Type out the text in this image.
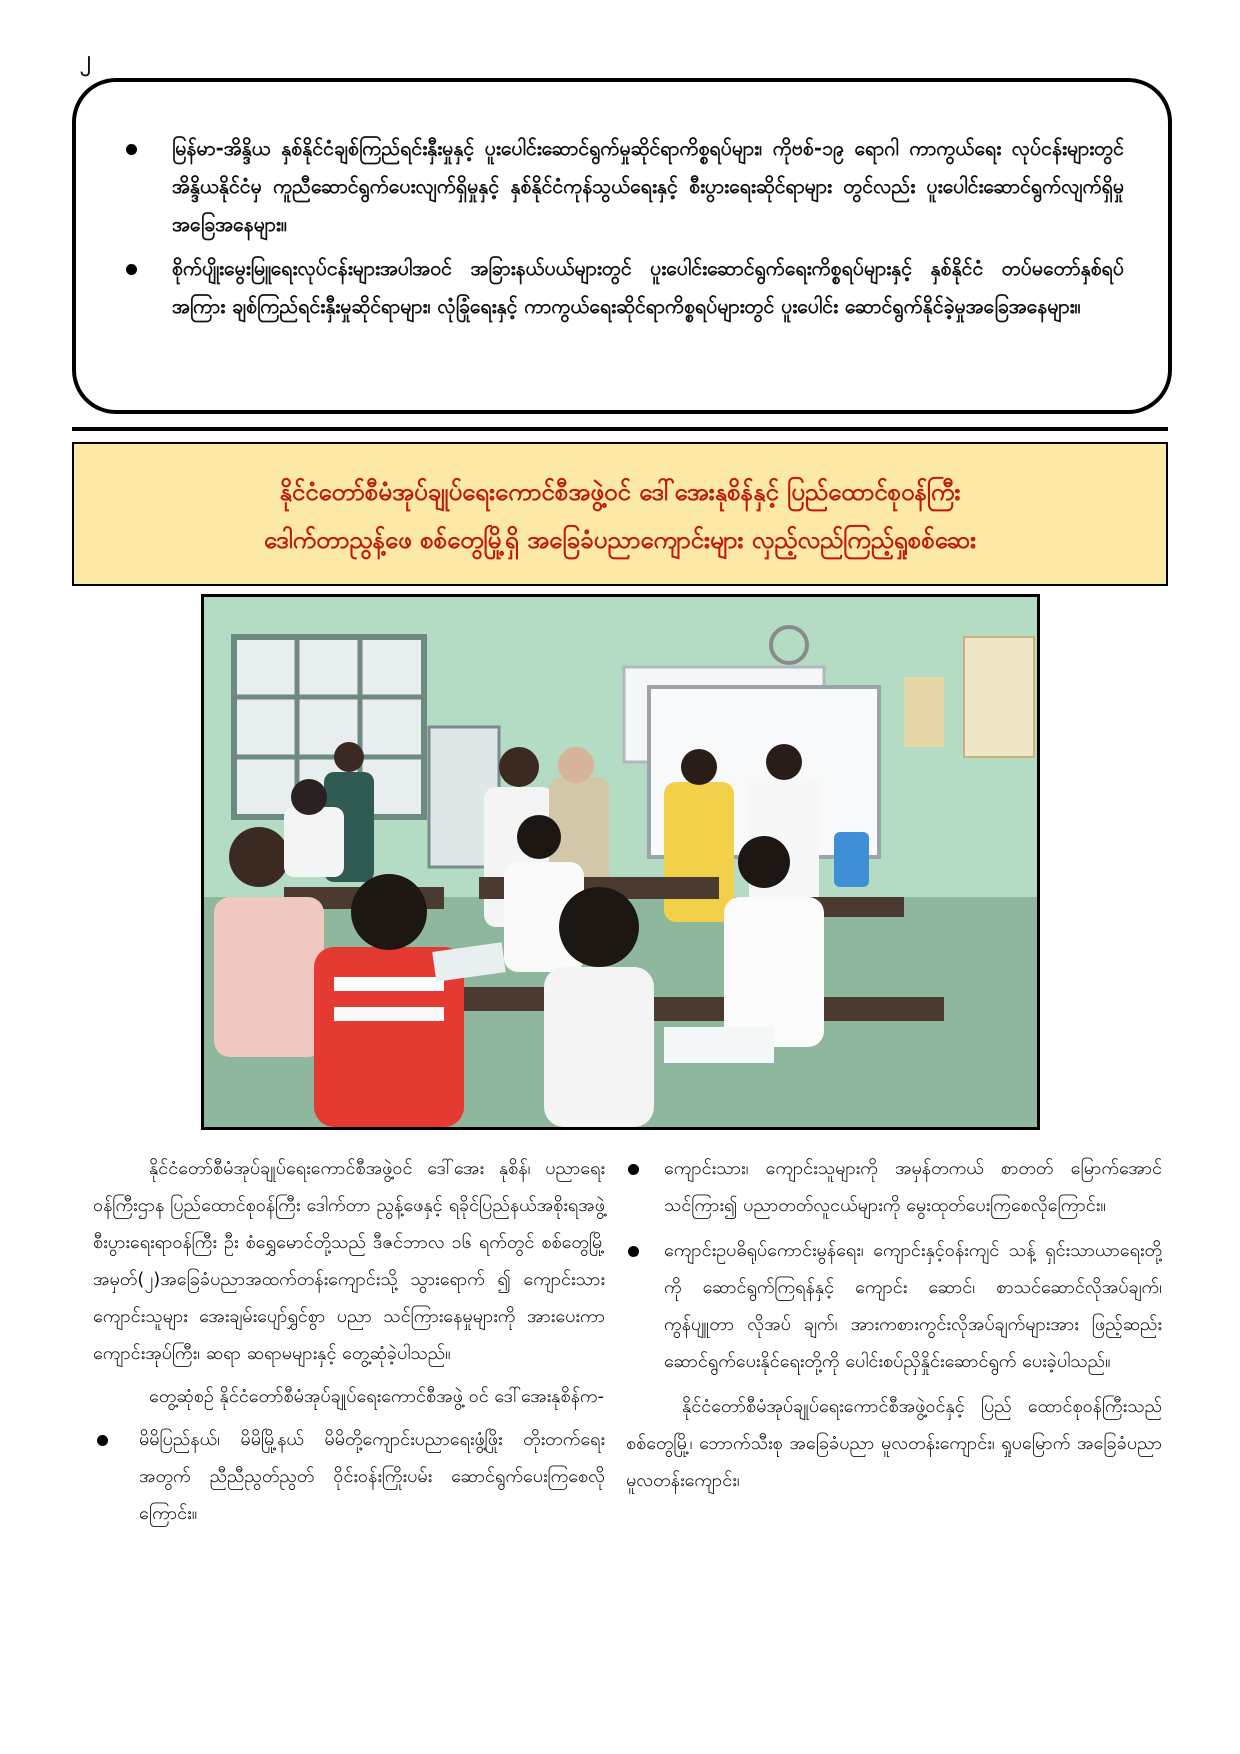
၂
မြန်မာ-အိန္ဒိယ နှစ်နိုင်ငံချစ်ကြည်ရင်းနှီးမှုနှင့် ပူးပေါင်းဆောင်ရွက်မှုဆိုင်ရာကိစ္စရပ်များ၊ ကိုဗစ်-၁၉ ရောဂါ ကာကွယ်ရေး လုပ်ငန်းများတွင် အိန္ဒိယနိုင်ငံမှ ကူညီဆောင်ရွက်ပေးလျက်ရှိမှုနှင့် နှစ်နိုင်ငံကုန်သွယ်ရေးနှင့် စီးပွားရေးဆိုင်ရာများ တွင်လည်း ပူးပေါင်းဆောင်ရွက်လျက်ရှိမှု အခြေအနေများ။
စိုက်ပျိုးမွေးမြူရေးလုပ်ငန်းများအပါအဝင် အခြားနယ်ပယ်များတွင် ပူးပေါင်းဆောင်ရွက်ရေးကိစ္စရပ်များနှင့် နှစ်နိုင်ငံ တပ်မတော်နှစ်ရပ်အကြား ချစ်ကြည်ရင်းနှီးမှုဆိုင်ရာများ၊ လုံခြုံရေးနှင့် ကာကွယ်ရေးဆိုင်ရာကိစ္စရပ်များတွင် ပူးပေါင်း ဆောင်ရွက်နိုင်ခဲ့မှုအခြေအနေများ။
နိုင်ငံတော်စီမံအုပ်ချုပ်ရေးကောင်စီအဖွဲ့ဝင် ဒေါ်အေးနုစိန်နှင့် ပြည်ထောင်စုဝန်ကြီး
ဒေါက်တာညွန့်ဖေ စစ်တွေမြို့ရှိ အခြေခံပညာကျောင်းများ လှည့်လည်ကြည့်ရှုစစ်ဆေး

နိုင်ငံတော်စီမံအုပ်ချုပ်ရေးကောင်စီအဖွဲ့ဝင် ဒေါ်အေး နုစိန်၊ ပညာရေးဝန်ကြီးဌာန ပြည်ထောင်စုဝန်ကြီး ဒေါက်တာ ညွန့်ဖေနှင့် ရခိုင်ပြည်နယ်အစိုးရအဖွဲ့ စီးပွားရေးရာဝန်ကြီး ဦး စံရွှေမောင်တို့သည် ဒီဇင်ဘာလ ၁၆ ရက်တွင် စစ်တွေမြို့ အမှတ်(၂)အခြေခံပညာအထက်တန်းကျောင်းသို့ သွားရောက် ၍ ကျောင်းသားကျောင်းသူများ အေးချမ်းပျော်ရွှင်စွာ ပညာ သင်ကြားနေမှုများကို အားပေးကာ ကျောင်းအုပ်ကြီး၊ ဆရာ ဆရာမများနှင့် တွေ့ဆုံခဲ့ပါသည်။

တွေ့ဆုံစဉ် နိုင်ငံတော်စီမံအုပ်ချုပ်ရေးကောင်စီအဖွဲ့ ဝင် ဒေါ်အေးနုစိန်က-

မိမိပြည်နယ်၊ မိမိမြို့နယ် မိမိတို့ကျောင်းပညာရေးဖွံ့ဖြိုး တိုးတက်ရေးအတွက် ညီညီညွတ်ညွတ် ဝိုင်းဝန်းကြိုးပမ်း ဆောင်ရွက်ပေးကြစေလိုကြောင်း။
ကျောင်းသား၊ ကျောင်းသူများကို အမှန်တကယ် စာတတ် မြောက်အောင် သင်ကြား၍ ပညာတတ်လူငယ်များကို မွေးထုတ်ပေးကြစေလိုကြောင်း။
ကျောင်းဥပဓိရုပ်ကောင်းမွန်ရေး၊ ကျောင်းနှင့်ဝန်းကျင် သန့် ရှင်းသာယာရေးတို့ကို ဆောင်ရွက်ကြရန်နှင့် ကျောင်း ဆောင်၊ စာသင်ဆောင်လိုအပ်ချက်၊ ကွန်ပျူတာ လိုအပ် ချက်၊ အားကစားကွင်းလိုအပ်ချက်များအား ဖြည့်ဆည်း ဆောင်ရွက်ပေးနိုင်ရေးတို့ကို ပေါင်းစပ်ညှိနှိုင်းဆောင်ရွက် ပေးခဲ့ပါသည်။

နိုင်ငံတော်စီမံအုပ်ချုပ်ရေးကောင်စီအဖွဲ့ဝင်နှင့် ပြည် ထောင်စုဝန်ကြီးသည် စစ်တွေမြို့၊ ဘောက်သီးစု အခြေခံပညာ မူလတန်းကျောင်း၊ ရှုပမြောက် အခြေခံပညာမူလတန်းကျောင်း၊
